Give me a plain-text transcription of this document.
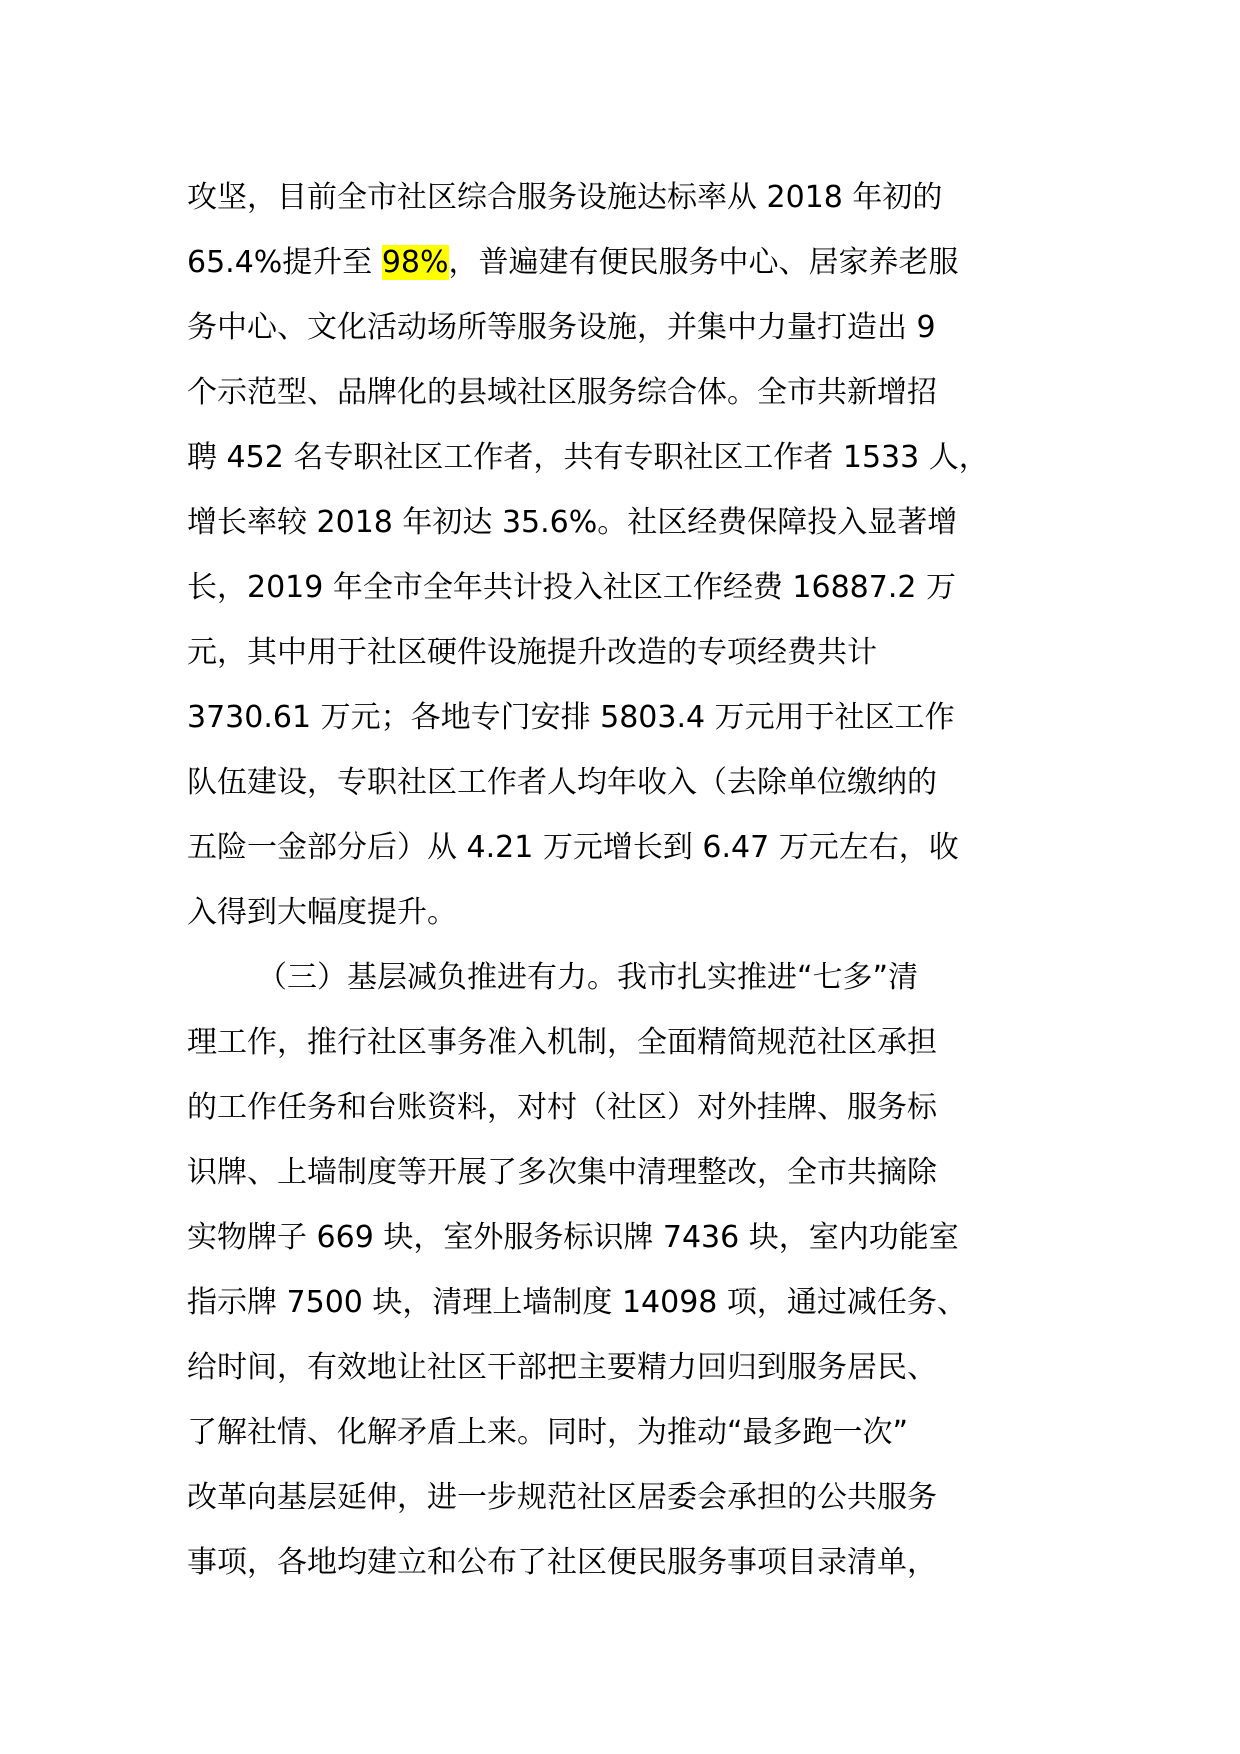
攻坚，目前全市社区综合服务设施达标率从 2018 年初的
65.4%提升至 98%，普遍建有便民服务中心、居家养老服
务中心、文化活动场所等服务设施，并集中力量打造出 9
个示范型、品牌化的县域社区服务综合体。全市共新增招
聘 452 名专职社区工作者，共有专职社区工作者 1533 人，
增长率较 2018 年初达 35.6%。社区经费保障投入显著增
长，2019 年全市全年共计投入社区工作经费 16887.2 万
元，其中用于社区硬件设施提升改造的专项经费共计
3730.61 万元；各地专门安排 5803.4 万元用于社区工作
队伍建设，专职社区工作者人均年收入（去除单位缴纳的
五险一金部分后）从 4.21 万元增长到 6.47 万元左右，收
入得到大幅度提升。
（三）基层减负推进有力。我市扎实推进“七多”清
理工作，推行社区事务准入机制，全面精简规范社区承担
的工作任务和台账资料，对村（社区）对外挂牌、服务标
识牌、上墙制度等开展了多次集中清理整改，全市共摘除
实物牌子 669 块，室外服务标识牌 7436 块，室内功能室
指示牌 7500 块，清理上墙制度 14098 项，通过减任务、
给时间，有效地让社区干部把主要精力回归到服务居民、
了解社情、化解矛盾上来。同时，为推动“最多跑一次”
改革向基层延伸，进一步规范社区居委会承担的公共服务
事项，各地均建立和公布了社区便民服务事项目录清单，
